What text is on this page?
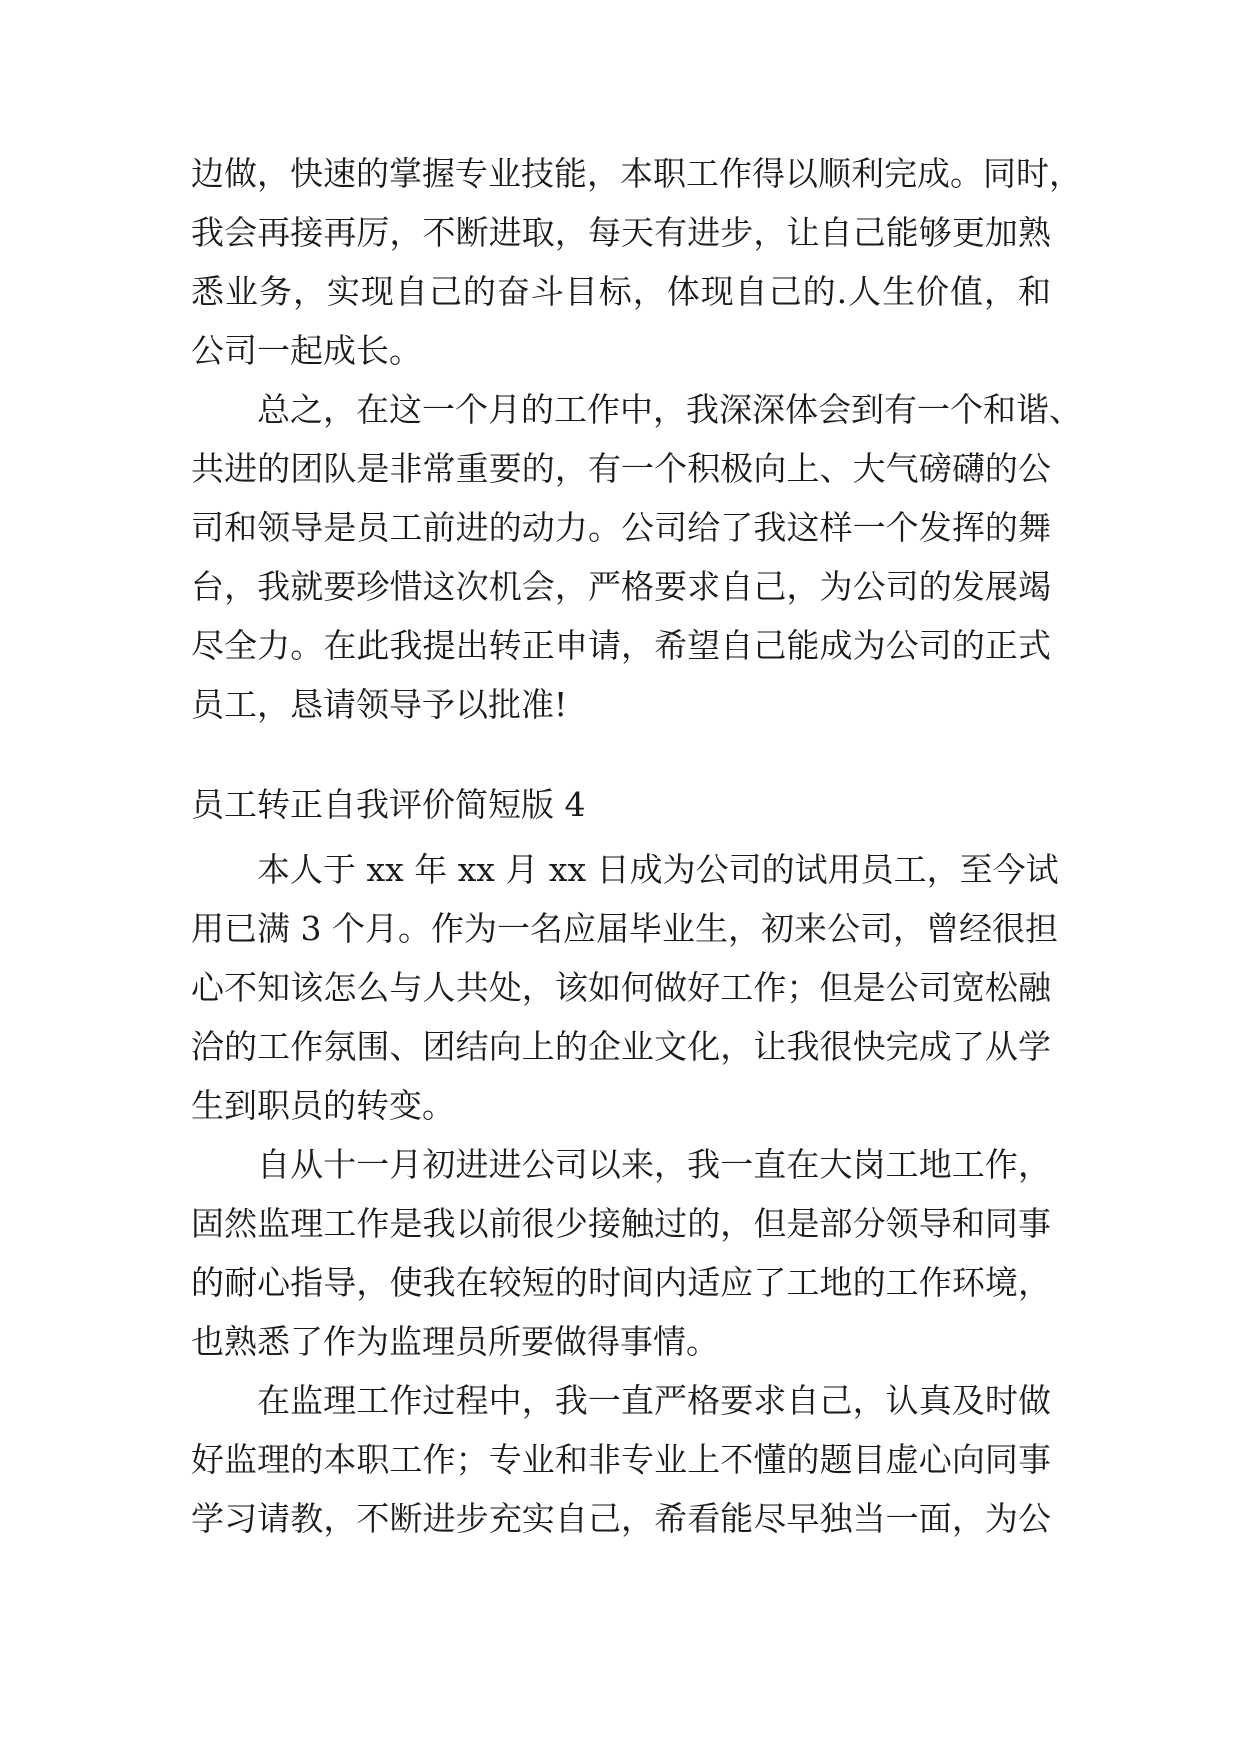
边做，快速的掌握专业技能，本职工作得以顺利完成。同时，

我会再接再厉，不断进取，每天有进步，让自己能够更加熟

悉业务，实现自己的奋斗目标，体现自己的.人生价值，和

公司一起成长。

总之，在这一个月的工作中，我深深体会到有一个和谐、

共进的团队是非常重要的，有一个积极向上、大气磅礴的公

司和领导是员工前进的动力。公司给了我这样一个发挥的舞

台，我就要珍惜这次机会，严格要求自己，为公司的发展竭

尽全力。在此我提出转正申请，希望自己能成为公司的正式

员工，恳请领导予以批准!

员工转正自我评价简短版 4

本人于 xx 年 xx 月 xx 日成为公司的试用员工，至今试

用已满 3 个月。作为一名应届毕业生，初来公司，曾经很担

心不知该怎么与人共处，该如何做好工作；但是公司宽松融

洽的工作氛围、团结向上的企业文化，让我很快完成了从学

生到职员的转变。

自从十一月初进进公司以来，我一直在大岗工地工作，

固然监理工作是我以前很少接触过的，但是部分领导和同事

的耐心指导，使我在较短的时间内适应了工地的工作环境，

也熟悉了作为监理员所要做得事情。

在监理工作过程中，我一直严格要求自己，认真及时做

好监理的本职工作；专业和非专业上不懂的题目虚心向同事

学习请教，不断进步充实自己，希看能尽早独当一面，为公
